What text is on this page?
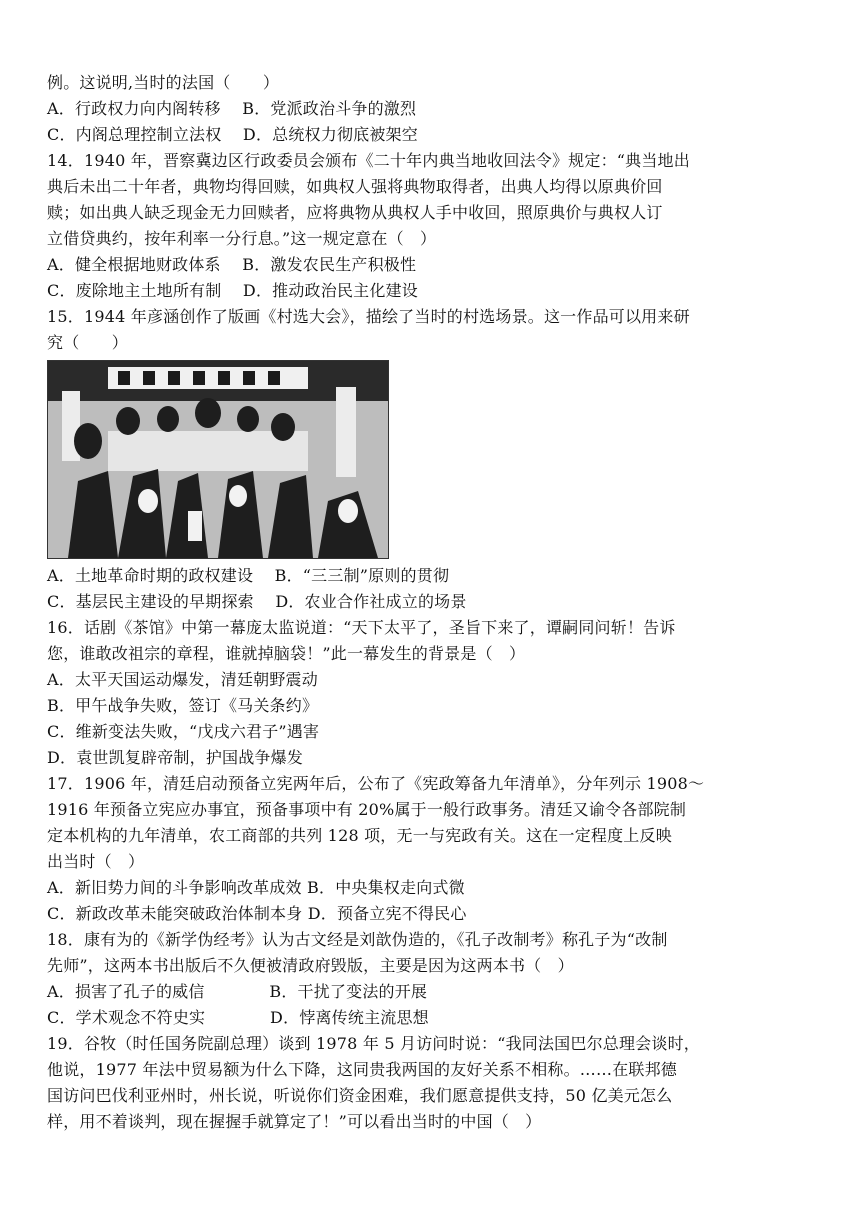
例。这说明,当时的法国（　　）
A．行政权力向内阁转移　 B．党派政治斗争的激烈
C．内阁总理控制立法权　 D．总统权力彻底被架空
14．1940 年，晋察冀边区行政委员会颁布《二十年内典当地收回法令》规定：“典当地出
典后未出二十年者，典物均得回赎，如典权人强将典物取得者，出典人均得以原典价回
赎；如出典人缺乏现金无力回赎者，应将典物从典权人手中收回，照原典价与典权人订
立借贷典约，按年利率一分行息。”这一规定意在（　）
A．健全根据地财政体系　 B．激发农民生产积极性
C．废除地主土地所有制　 D．推动政治民主化建设
15．1944 年彦涵创作了版画《村选大会》，描绘了当时的村选场景。这一作品可以用来研
究（　　）
A．土地革命时期的政权建设　 B．“三三制”原则的贯彻
C．基层民主建设的早期探索　 D．农业合作社成立的场景
16．话剧《茶馆》中第一幕庞太监说道：“天下太平了，圣旨下来了，谭嗣同问斩！告诉
您，谁敢改祖宗的章程，谁就掉脑袋！”此一幕发生的背景是（　）
A．太平天国运动爆发，清廷朝野震动
B．甲午战争失败，签订《马关条约》
C．维新变法失败，“戊戌六君子”遇害
D．袁世凯复辟帝制，护国战争爆发
17．1906 年，清廷启动预备立宪两年后，公布了《宪政筹备九年清单》，分年列示 1908～
1916 年预备立宪应办事宜，预备事项中有 20%属于一般行政事务。清廷又谕令各部院制
定本机构的九年清单，农工商部的共列 128 项，无一与宪政有关。这在一定程度上反映
出当时（　）
A．新旧势力间的斗争影响改革成效 B．中央集权走向式微
C．新政改革未能突破政治体制本身 D．预备立宪不得民心
18．康有为的《新学伪经考》认为古文经是刘歆伪造的，《孔子改制考》称孔子为“改制
先师”，这两本书出版后不久便被清政府毁版，主要是因为这两本书（　）
A．损害了孔子的威信　　　　B．干扰了变法的开展
C．学术观念不符史实　　　　D．悖离传统主流思想
19．谷牧（时任国务院副总理）谈到 1978 年 5 月访问时说：“我同法国巴尔总理会谈时，
他说，1977 年法中贸易额为什么下降，这同贵我两国的友好关系不相称。……在联邦德
国访问巴伐利亚州时，州长说，听说你们资金困难，我们愿意提供支持，50 亿美元怎么
样，用不着谈判，现在握握手就算定了！”可以看出当时的中国（　）
